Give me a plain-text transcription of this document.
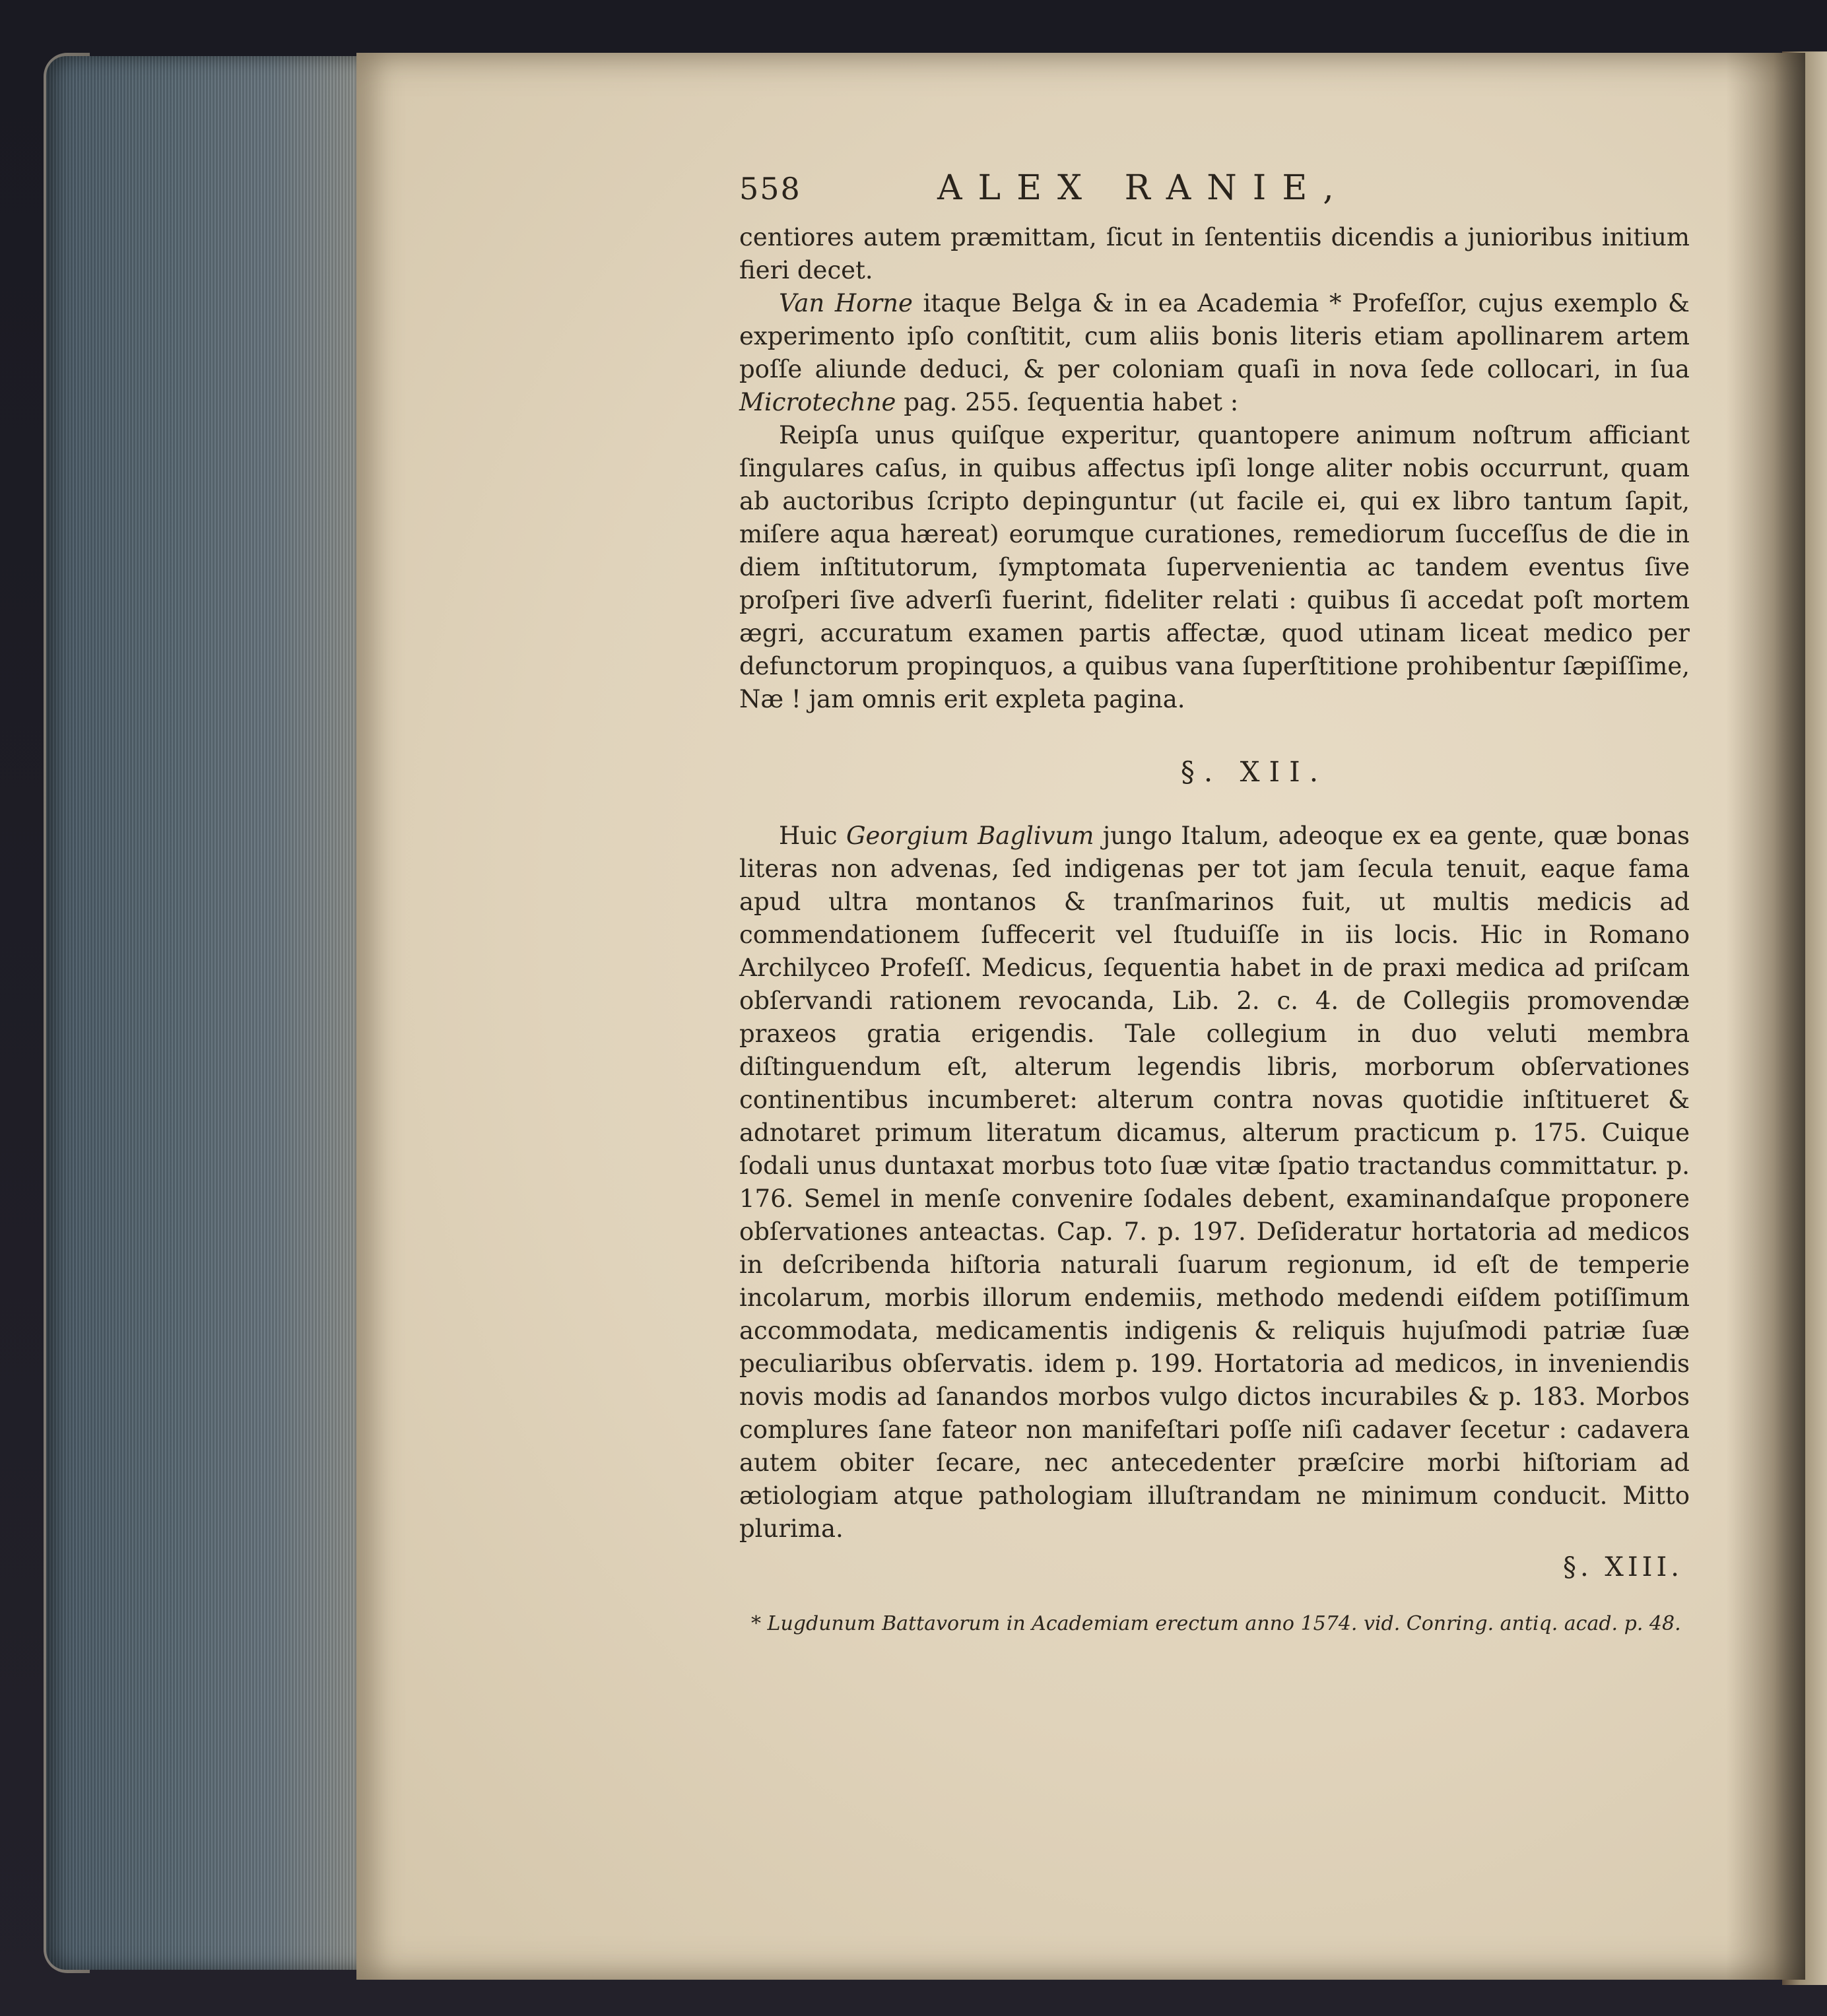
558	ALEX RANIE,

centiores autem præmittam, ſicut in ſententiis dicendis a junioribus initium fieri decet.

Van Horne itaque Belga & in ea Academia * Profeſſor, cujus exemplo & experimento ipſo conſtitit, cum aliis bonis literis etiam apollinarem artem poſſe aliunde deduci, & per coloniam quaſi in nova ſede collocari, in ſua Microtechne pag. 255. ſequentia habet :

Reipſa unus quiſque experitur, quantopere animum noſtrum afficiant ſingulares caſus, in quibus affectus ipſi longe aliter nobis occurrunt, quam ab auctoribus ſcripto depinguntur (ut facile ei, qui ex libro tantum ſapit, miſere aqua hæreat) eorumque curationes, remediorum ſucceſſus de die in diem inſtitutorum, ſymptomata ſupervenientia ac tandem eventus ſive proſperi ſive adverſi fuerint, fideliter relati : quibus ſi accedat poſt mortem ægri, accuratum examen partis affectæ, quod utinam liceat medico per defunctorum propinquos, a quibus vana ſuperſtitione prohibentur ſæpiſſime, Næ ! jam omnis erit expleta pagina.

§. XII.

Huic Georgium Baglivum jungo Italum, adeoque ex ea gente, quæ bonas literas non advenas, ſed indigenas per tot jam ſecula tenuit, eaque fama apud ultra montanos & tranſmarinos fuit, ut multis medicis ad commendationem ſuffecerit vel ſtuduiſſe in iis locis. Hic in Romano Archilyceo Profeſſ. Medicus, ſequentia habet in de praxi medica ad priſcam obſervandi rationem revocanda, Lib. 2. c. 4. de Collegiis promovendæ praxeos gratia erigendis. Tale collegium in duo veluti membra diſtinguendum eſt, alterum legendis libris, morborum obſervationes continentibus incumberet: alterum contra novas quotidie inſtitueret & adnotaret primum literatum dicamus, alterum practicum p. 175. Cuique ſodali unus duntaxat morbus toto ſuæ vitæ ſpatio tractandus committatur. p. 176. Semel in menſe convenire ſodales debent, examinandaſque proponere obſervationes anteactas. Cap. 7. p. 197. Deſideratur hortatoria ad medicos in deſcribenda hiſtoria naturali ſuarum regionum, id eſt de temperie incolarum, morbis illorum endemiis, methodo medendi eiſdem potiſſimum accommodata, medicamentis indigenis & reliquis hujuſmodi patriæ ſuæ peculiaribus obſervatis. idem p. 199. Hortatoria ad medicos, in inveniendis novis modis ad ſanandos morbos vulgo dictos incurabiles & p. 183. Morbos complures ſane fateor non manifeſtari poſſe niſi cadaver ſecetur : cadavera autem obiter ſecare, nec antecedenter præſcire morbi hiſtoriam ad ætiologiam atque pathologiam illuſtrandam ne minimum conducit. Mitto plurima.

§. XIII.

* Lugdunum Battavorum in Academiam erectum anno 1574. vid. Conring. antiq. acad. p. 48.
